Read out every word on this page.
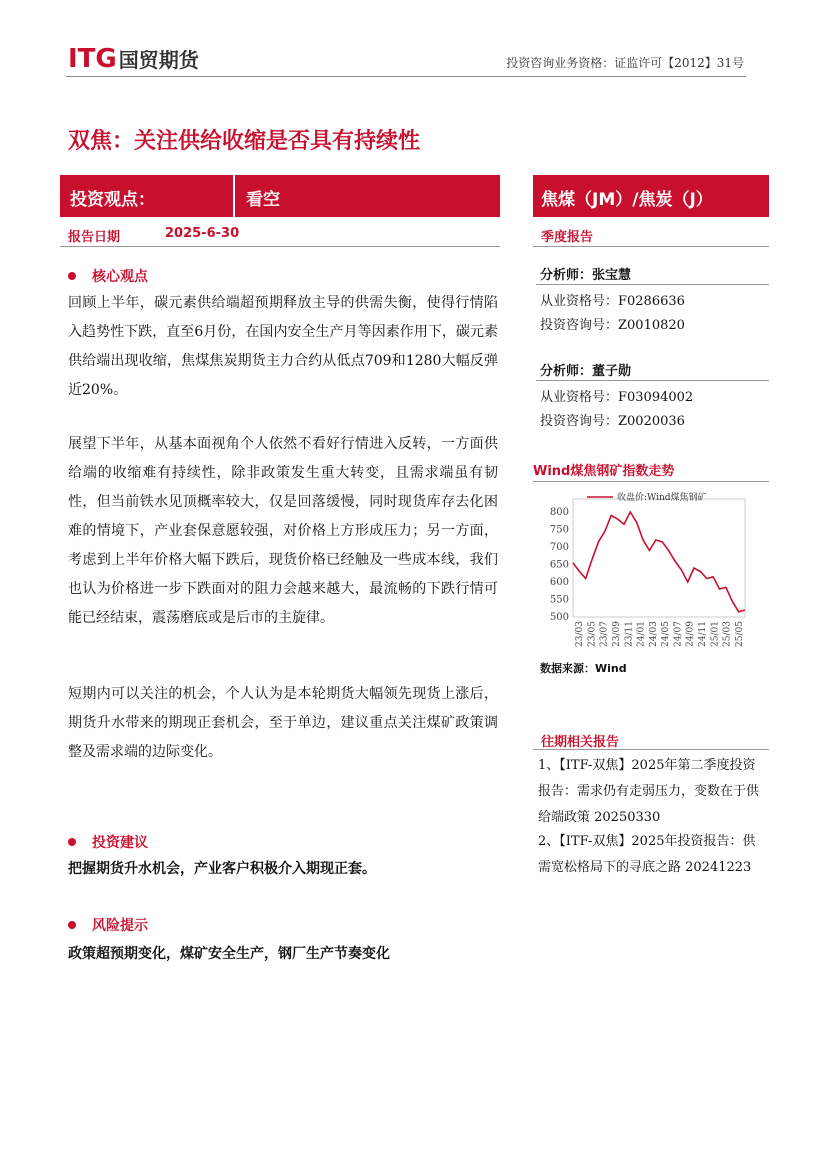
ITG 国贸期货	投资咨询业务资格：证监许可【2012】31号
双焦：关注供给收缩是否具有持续性
投资观点：	看空	焦煤（JM）/焦炭（J）
报告日期	2025-6-30	季度报告
核心观点

回顾上半年，碳元素供给端超预期释放主导的供需失衡，使得行情陷入趋势性下跌，直至6月份，在国内安全生产月等因素作用下，碳元素供给端出现收缩，焦煤焦炭期货主力合约从低点709和1280大幅反弹近20%。

展望下半年，从基本面视角个人依然不看好行情进入反转，一方面供给端的收缩难有持续性，除非政策发生重大转变，且需求端虽有韧性，但当前铁水见顶概率较大，仅是回落缓慢，同时现货库存去化困难的情境下，产业套保意愿较强，对价格上方形成压力；另一方面，考虑到上半年价格大幅下跌后，现货价格已经触及一些成本线，我们也认为价格进一步下跌面对的阻力会越来越大，最流畅的下跌行情可能已经结束，震荡磨底或是后市的主旋律。

短期内可以关注的机会，个人认为是本轮期货大幅领先现货上涨后，期货升水带来的期现正套机会，至于单边，建议重点关注煤矿政策调整及需求端的边际变化。

投资建议
把握期货升水机会，产业客户积极介入期现正套。
风险提示
政策超预期变化，煤矿安全生产，钢厂生产节奏变化
分析师：张宝慧
从业资格号：F0286636
投资咨询号：Z0010820
分析师：董子勋
从业资格号：F03094002
投资咨询号：Z0020036
Wind煤焦钢矿指数走势
800
750
700
650
600
550
500
23/03 23/05 23/07 23/09 23/11 24/01 24/03 24/05 24/07 24/09 24/11 25/01 25/03 25/05
收盘价:Wind煤焦钢矿
数据来源：Wind
往期相关报告

1、【ITF-双焦】2025年第二季度投资报告：需求仍有走弱压力，变数在于供给端政策 20250330

2、【ITF-双焦】2025年投资报告：供需宽松格局下的寻底之路 20241223
